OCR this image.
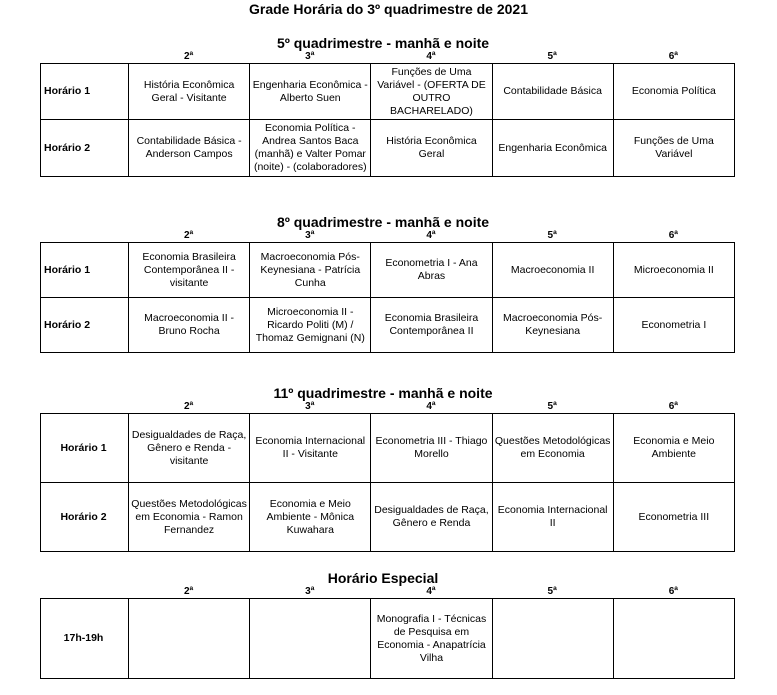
Grade Horária do 3º quadrimestre de 2021
5º quadrimestre - manhã e noite
2ª	3ª	4ª	5ª	6ª
Horário 1	História Econômica Geral - Visitante	Engenharia Econômica - Alberto Suen	Funções de Uma Variável - (OFERTA DE OUTRO BACHARELADO)	Contabilidade Básica	Economia Política
Horário 2	Contabilidade Básica - Anderson Campos	Economia Política - Andrea Santos Baca (manhã) e Valter Pomar (noite) - (colaboradores)	História Econômica Geral	Engenharia Econômica	Funções de Uma Variável
8º quadrimestre - manhã e noite
2ª	3ª	4ª	5ª	6ª
Horário 1	Economia Brasileira Contemporânea II - visitante	Macroeconomia Pós-Keynesiana - Patrícia Cunha	Econometria I - Ana Abras	Macroeconomia II	Microeconomia II
Horário 2	Macroeconomia II - Bruno Rocha	Microeconomia II - Ricardo Politi (M) / Thomaz Gemignani (N)	Economia Brasileira Contemporânea II	Macroeconomia Pós-Keynesiana	Econometria I
11º quadrimestre - manhã e noite
2ª	3ª	4ª	5ª	6ª
Horário 1	Desigualdades de Raça, Gênero e Renda - visitante	Economia Internacional II - Visitante	Econometria III - Thiago Morello	Questões Metodológicas em Economia	Economia e Meio Ambiente
Horário 2	Questões Metodológicas em Economia - Ramon Fernandez	Economia e Meio Ambiente - Mônica Kuwahara	Desigualdades de Raça, Gênero e Renda	Economia Internacional II	Econometria III
Horário Especial
2ª	3ª	4ª	5ª	6ª
17h-19h			Monografia I - Técnicas de Pesquisa em Economia - Anapatrícia Vilha		
